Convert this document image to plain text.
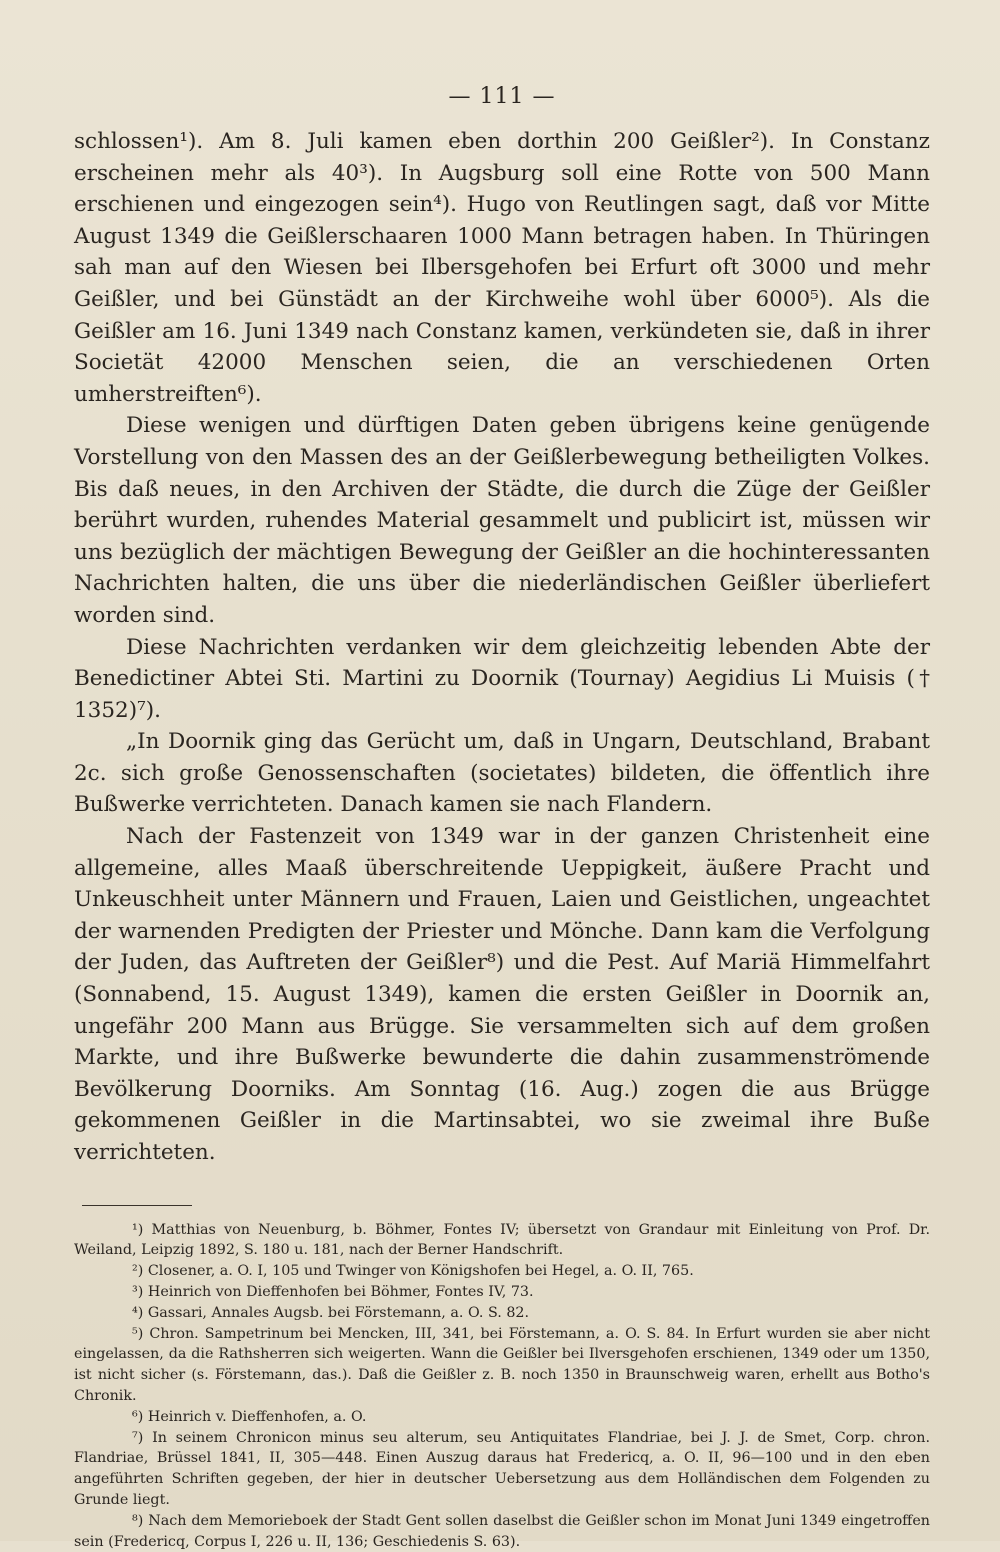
— 111 —

schlossen¹). Am 8. Juli kamen eben dorthin 200 Geißler²). In Constanz erscheinen mehr als 40³). In Augsburg soll eine Rotte von 500 Mann erschienen und eingezogen sein⁴). Hugo von Reutlingen sagt, daß vor Mitte August 1349 die Geißlerschaaren 1000 Mann betragen haben. In Thüringen sah man auf den Wiesen bei Ilbersgehofen bei Erfurt oft 3000 und mehr Geißler, und bei Günstädt an der Kirchweihe wohl über 6000⁵). Als die Geißler am 16. Juni 1349 nach Constanz kamen, verkündeten sie, daß in ihrer Societät 42000 Menschen seien, die an verschiedenen Orten umherstreiften⁶).

Diese wenigen und dürftigen Daten geben übrigens keine genügende Vorstellung von den Massen des an der Geißlerbewegung betheiligten Volkes. Bis daß neues, in den Archiven der Städte, die durch die Züge der Geißler berührt wurden, ruhendes Material gesammelt und publicirt ist, müssen wir uns bezüglich der mächtigen Bewegung der Geißler an die hochinteressanten Nachrichten halten, die uns über die niederländischen Geißler überliefert worden sind.

Diese Nachrichten verdanken wir dem gleichzeitig lebenden Abte der Benedictiner Abtei Sti. Martini zu Doornik (Tournay) Aegidius Li Muisis († 1352)⁷).

„In Doornik ging das Gerücht um, daß in Ungarn, Deutschland, Brabant 2c. sich große Genossenschaften (societates) bildeten, die öffentlich ihre Bußwerke verrichteten. Danach kamen sie nach Flandern.

Nach der Fastenzeit von 1349 war in der ganzen Christenheit eine allgemeine, alles Maaß überschreitende Ueppigkeit, äußere Pracht und Unkeuschheit unter Männern und Frauen, Laien und Geistlichen, ungeachtet der warnenden Predigten der Priester und Mönche. Dann kam die Verfolgung der Juden, das Auftreten der Geißler⁸) und die Pest. Auf Mariä Himmelfahrt (Sonnabend, 15. August 1349), kamen die ersten Geißler in Doornik an, ungefähr 200 Mann aus Brügge. Sie versammelten sich auf dem großen Markte, und ihre Bußwerke bewunderte die dahin zusammenströmende Bevölkerung Doorniks. Am Sonntag (16. Aug.) zogen die aus Brügge gekommenen Geißler in die Martinsabtei, wo sie zweimal ihre Buße verrichteten.

¹) Matthias von Neuenburg, b. Böhmer, Fontes IV; übersetzt von Grandaur mit Einleitung von Prof. Dr. Weiland, Leipzig 1892, S. 180 u. 181, nach der Berner Handschrift.

²) Closener, a. O. I, 105 und Twinger von Königshofen bei Hegel, a. O. II, 765.

³) Heinrich von Dieffenhofen bei Böhmer, Fontes IV, 73.

⁴) Gassari, Annales Augsb. bei Förstemann, a. O. S. 82.

⁵) Chron. Sampetrinum bei Mencken, III, 341, bei Förstemann, a. O. S. 84. In Erfurt wurden sie aber nicht eingelassen, da die Rathsherren sich weigerten. Wann die Geißler bei Ilversgehofen erschienen, 1349 oder um 1350, ist nicht sicher (s. Förstemann, das.). Daß die Geißler z. B. noch 1350 in Braunschweig waren, erhellt aus Botho's Chronik.

⁶) Heinrich v. Dieffenhofen, a. O.

⁷) In seinem Chronicon minus seu alterum, seu Antiquitates Flandriae, bei J. J. de Smet, Corp. chron. Flandriae, Brüssel 1841, II, 305—448. Einen Auszug daraus hat Fredericq, a. O. II, 96—100 und in den eben angeführten Schriften gegeben, der hier in deutscher Uebersetzung aus dem Holländischen dem Folgenden zu Grunde liegt.

⁸) Nach dem Memorieboek der Stadt Gent sollen daselbst die Geißler schon im Monat Juni 1349 eingetroffen sein (Fredericq, Corpus I, 226 u. II, 136; Geschiedenis S. 63).
